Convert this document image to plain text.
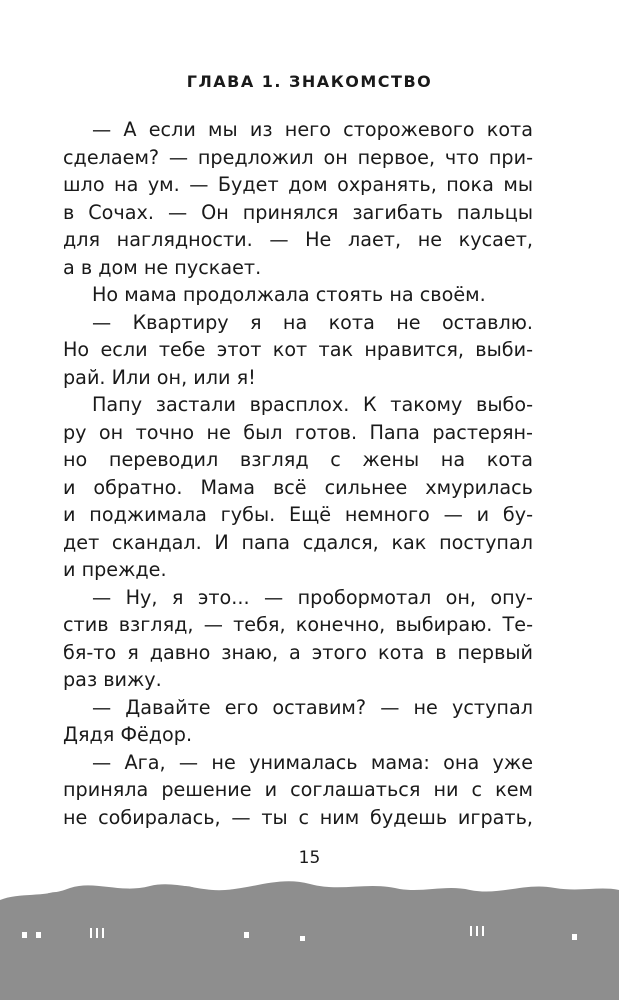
ГЛАВА 1. ЗНАКОМСТВО
— А если мы из него сторожевого кота
сделаем? — предложил он первое, что при-
шло на ум. — Будет дом охранять, пока мы
в Сочах. — Он принялся загибать пальцы
для наглядности. — Не лает, не кусает,
а в дом не пускает.
Но мама продолжала стоять на своём.
— Квартиру я на кота не оставлю.
Но если тебе этот кот так нравится, выби-
рай. Или он, или я!
Папу застали врасплох. К такому выбо-
ру он точно не был готов. Папа растерян-
но переводил взгляд с жены на кота
и обратно. Мама всё сильнее хмурилась
и поджимала губы. Ещё немного — и бу-
дет скандал. И папа сдался, как поступал
и прежде.
— Ну, я это... — пробормотал он, опу-
стив взгляд, — тебя, конечно, выбираю. Те-
бя-то я давно знаю, а этого кота в первый
раз вижу.
— Давайте его оставим? — не уступал
Дядя Фёдор.
— Ага, — не унималась мама: она уже
приняла решение и соглашаться ни с кем
не собиралась, — ты с ним будешь играть,
15
